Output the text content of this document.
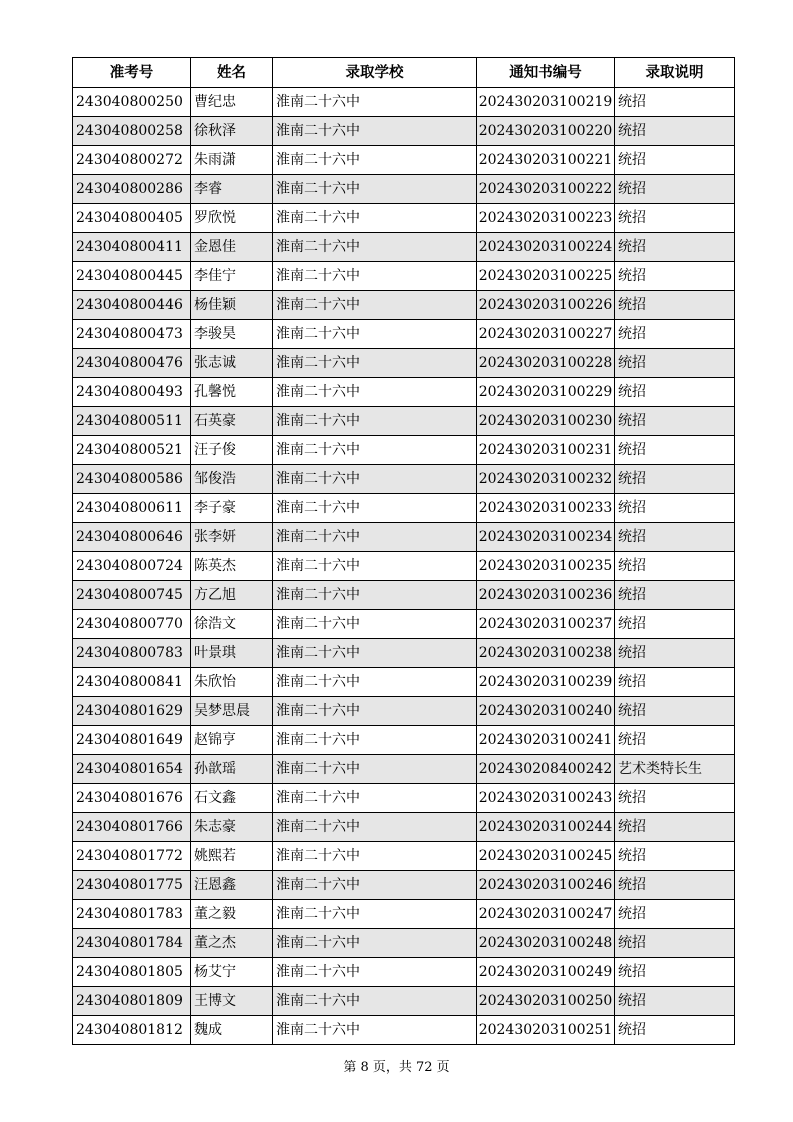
准考号	姓名	录取学校	通知书编号	录取说明
243040800250	曹纪忠	淮南二十六中	202430203100219	统招
243040800258	徐秋泽	淮南二十六中	202430203100220	统招
243040800272	朱雨潇	淮南二十六中	202430203100221	统招
243040800286	李睿	淮南二十六中	202430203100222	统招
243040800405	罗欣悦	淮南二十六中	202430203100223	统招
243040800411	金恩佳	淮南二十六中	202430203100224	统招
243040800445	李佳宁	淮南二十六中	202430203100225	统招
243040800446	杨佳颖	淮南二十六中	202430203100226	统招
243040800473	李骏昊	淮南二十六中	202430203100227	统招
243040800476	张志诚	淮南二十六中	202430203100228	统招
243040800493	孔馨悦	淮南二十六中	202430203100229	统招
243040800511	石英豪	淮南二十六中	202430203100230	统招
243040800521	汪子俊	淮南二十六中	202430203100231	统招
243040800586	邹俊浩	淮南二十六中	202430203100232	统招
243040800611	李子豪	淮南二十六中	202430203100233	统招
243040800646	张李妍	淮南二十六中	202430203100234	统招
243040800724	陈英杰	淮南二十六中	202430203100235	统招
243040800745	方乙旭	淮南二十六中	202430203100236	统招
243040800770	徐浩文	淮南二十六中	202430203100237	统招
243040800783	叶景琪	淮南二十六中	202430203100238	统招
243040800841	朱欣怡	淮南二十六中	202430203100239	统招
243040801629	吴梦思晨	淮南二十六中	202430203100240	统招
243040801649	赵锦亨	淮南二十六中	202430203100241	统招
243040801654	孙歆瑶	淮南二十六中	202430208400242	艺术类特长生
243040801676	石文鑫	淮南二十六中	202430203100243	统招
243040801766	朱志豪	淮南二十六中	202430203100244	统招
243040801772	姚熙若	淮南二十六中	202430203100245	统招
243040801775	汪恩鑫	淮南二十六中	202430203100246	统招
243040801783	董之毅	淮南二十六中	202430203100247	统招
243040801784	董之杰	淮南二十六中	202430203100248	统招
243040801805	杨艾宁	淮南二十六中	202430203100249	统招
243040801809	王博文	淮南二十六中	202430203100250	统招
243040801812	魏成	淮南二十六中	202430203100251	统招
第 8 页，共 72 页
